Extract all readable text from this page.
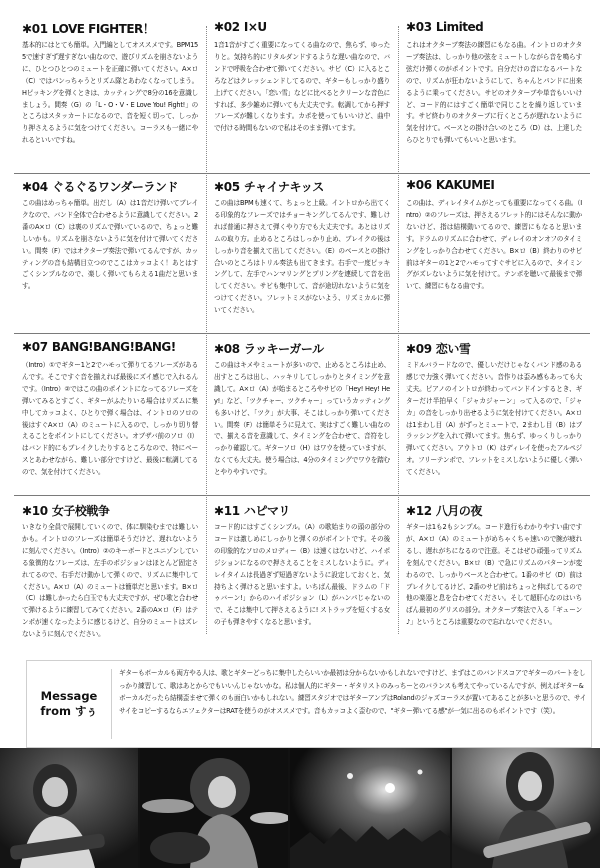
✱01 LOVE FIGHTER！
基本的にはとても簡単。入門編としてオススメです。BPM155で速すぎず遅すぎない曲なので、遊びリズムを崩さないように、ひとつひとつのミュートを正確に弾いてください。A×ロ（C）ではパンっちゃうとリズム隊とあわなくなってしまう。Hピッキングを弾くときは、カッティングで8分の16を意識しましょう。間奏（G）の「L・O・V・E Love You! Fight!」のところはスタッカートになるので、音を短く切って、しっかり押さえるように気をつけてください。コーラスも一緒にやれるといいですね。
✱02 I×U
1音1音がすごく重要になってくる曲なので、焦らず、ゆったりと。気持ち的にリタルダンドするような遅い曲なので、バンドで呼吸を合わせて弾いてください。サビ（C）に入るところなどはクレッシェンドしてるので、ギターもしっかり盛り上げてください。「恋い雪」などに比べるとクリーンな音色にすれば、多少雑めに弾いても大丈夫です。転調してから押すフレーズが難しくなります。カポを使ってもいいけど、曲中で付ける時間もないので私はそのまま弾いてます。
✱03 Limited
これはオクターブ奏法の練習にもなる曲。イントロのオクターブ奏法は、しっかり他の弦をミュートしながら音を鳴らす弦だけ弾くのがポイントです。自分だけの音になるパートなので、リズムが狂わないようにして、ちゃんとパンドに出来るように乗ってください。サビのオクターブや単音もいいけど、コード的にはすごく簡単で同じことを繰り返しています。サビ終わりのオクターブに行くところが遅れないように気を付けて。ベースとの掛け合いのところ（D）は、上達したらひとりでも弾いてもいいと思います。
✱04 ぐるぐるワンダーランド
この曲はめっちゃ簡単。出だし（A）は1音だけ弾いてブレイクなので、バンド全体で合わせるように意識してください。2番のA×ロ（C）は裏のリズムで弾いているので、ちょっと難しいかも。リズムを崩さないように気を付けて弾いてください。間奏（F）ではオクターブ奏法で弾いてるんですが、カッティングの音も結構目立つのでここはカッコよく！あとはすごくシンプルなので、楽しく弾いてもらえる1曲だと思います。
✱05 チャイナキッス
この曲はBPMも速くて、ちょっと上級。イントロから出てくる印象的なフレーズではチョーキングしてるんです、難しければ普通に押さえて弾くやり方でも大丈夫です。あとはリズムの取り方。止めるところはしっかり止め、ブレイクの後はしっかり音を揃えて出してください。（E）のベースとの掛け合いのところはトリル奏法も出てきます。右手で一度ピッキングして、左手でハンマリングとプリングを連続して音を出してください。サビも集中して、音が途切れないように気をつけてください。フレットミスがないよう、リズミカルに弾いてください。
✱06 KAKUMEI
この曲は、ディレイタイムがとっても重要になってくる曲。（Intro）②のフレーズは、押さえるフレット的にはそんなに動かないけど、指は結構動いてるので、練習にもなると思います。ドラムのリズムに合わせて、ディレイのオンオフのタイミングをしっかり合わせてください。B×ロ（B）終わりのサビ前はギターの1と2でハモってすぐサビに入るので、タイミングがズレないように気を付けて。テンポを聴いて最後まで弾いて、練習にもなる曲です。
✱07 BANG!BANG!BANG!
（Intro）①でギター1と2でハモって弾りてるフレーズがあるんです。そこですぐ音を揃えれば最後にズイ感じで入れるんです。（Intro）②ではこの曲のポイントになってるフレーズを弾いてみるとすごく、ギターがふたりいる場合はリズムに集中してカッコよく、ひとりで弾く場合は、イントロのソロの後はすぐA×ロ（A）のミュートに入るので、しっかり切り替えることをポイントにしてください。オブザバ前のソロ（I）はバンド的にもブレイクしたりするところなので、特にベースとあわせながら、難しい部分ですけど、最後に転調してるので、気を付けてください。
✱08 ラッキーガール
この曲はキメやミュートが多いので、止めるところは止め、出すところは出し、ハッキリしてしっかりとタイミングを意識して。A×ロ（A）が始まるところやサビの「Hey! Hey! Hey!」など、「ツクチャー、ツクチャー」っていうカッティングも多いけど、「ツク」が大事、そこはしっかり弾いてください。間奏（F）は簡単そうに見えて、実はすごく難しい曲なので、揃える音を意識して、タイミングを合わせて、音符をしっかり確認して。ギターソロ（H）はワウを使っていますが、なくても大丈夫。使う場合は、4分のタイミングでワウを踏むとやりやすいです。
✱09 恋い雪
ミドルバラードなので、優しいだけじゃなくバンド感のある感じで力強く弾いてください。音作りは歪み感もあっても大丈夫。ピアノのイントロが終わってバンドインするとき、ギターだけ半拍早く「ジャカジャーン」って入るので、「ジャカ」の音をしっかり出せるように気を付けてください。A×ロは1まわし目（A）がずっとミュートで、2まわし目（B）はブラッシングを入れて弾いてます。焦らず、ゆっくりしっかり弾いてください。アウトロ（K）はディレイを使ったアルペジオ。フリーテンポで、フレットをミスしないように優しく弾いてください。
✱10 女子校戦争
いきなり全員で展開していくので、体に馴染むまでは難しいかも。イントロのフレーズは簡単そうだけど、遅れないように刻んでください。（Intro）②のキーボードとユニゾンしている象徴的なフレーズは、左手のポジションはほとんど固定されてるので、右手だけ動かして弾くので、リズムに集中してください。A×ロ（A）のミュートは簡単だと思います。B×ロ（C）は難しかったら白玉でも大丈夫ですが、ぜひ歌と合わせて弾けるように練習してみてください。2番のA×ロ（F）はテンポが速くなったように感じるけど、自分のミュートはズレないように刻んでください。
✱11 ハピマリ
コード的にはすごくシンプル。（A）の歌始まりの頭の部分のコードは激しめにしっかりと弾くのがポイントです。その後の印象的なソロのメロディー（B）は速くはないけど、ハイポジションになるので押さえることをミスしないように。ディレイタイムは長過ぎず短過ぎないように設定しておくと、気持ちよく弾けると思いますよ。いちばん最後、ドラムの「ドゥバーン!」からのハイポジション（L）がハンパじゃないので、そこは集中して押さえるように! ストラップを短くする女の子も弾きやすくなると思います。
✱12 八月の夜
ギターは1も2もシンプル。コード進行もわかりやすい曲ですが、A×ロ（A）のミュートがめちゃくちゃ速いので腕が疲れるし、遅れがちになるので注意。そこはぜひ頑張ってリズムを刻んでください。B×ロ（B）で急にリズムのパターンが変わるので、しっかりベースと合わせて。1番のサビ（D）前はブレイクしてるけど、2番のサビ前はちょっと伸ばしてるので他の楽器と息を合わせてください。そして超肝心なのはいちばん最初のグリスの部分。オクターブ奏法で入る「ギューン♪」というところは重要なので忘れないでください。
Message
from すぅ
ギターもボーカルも両方やる人は、歌とギターどっちに集中したらいいか最初は分からないかもしれないですけど、まずはこのバンドスコアでギターのパートをしっかり練習して、歌はあとからでもいいんじゃないかな。私は個人的にギター・ギタリストのみっちーとのバランスも考えてやっているんですが、例えばギター&ボーカルだったら結構歪ませて弾くのも面白いかもしれない。練習スタジオではギターアンプはRolandのジャズコーラスが置いてあることが多いと思うので、サイサイをコピーするならエフェクターはRATを使うのがオススメです。音もカッコよく歪むので、"ギター弾いてる感"が一気に出るのもポイントです（笑）。
